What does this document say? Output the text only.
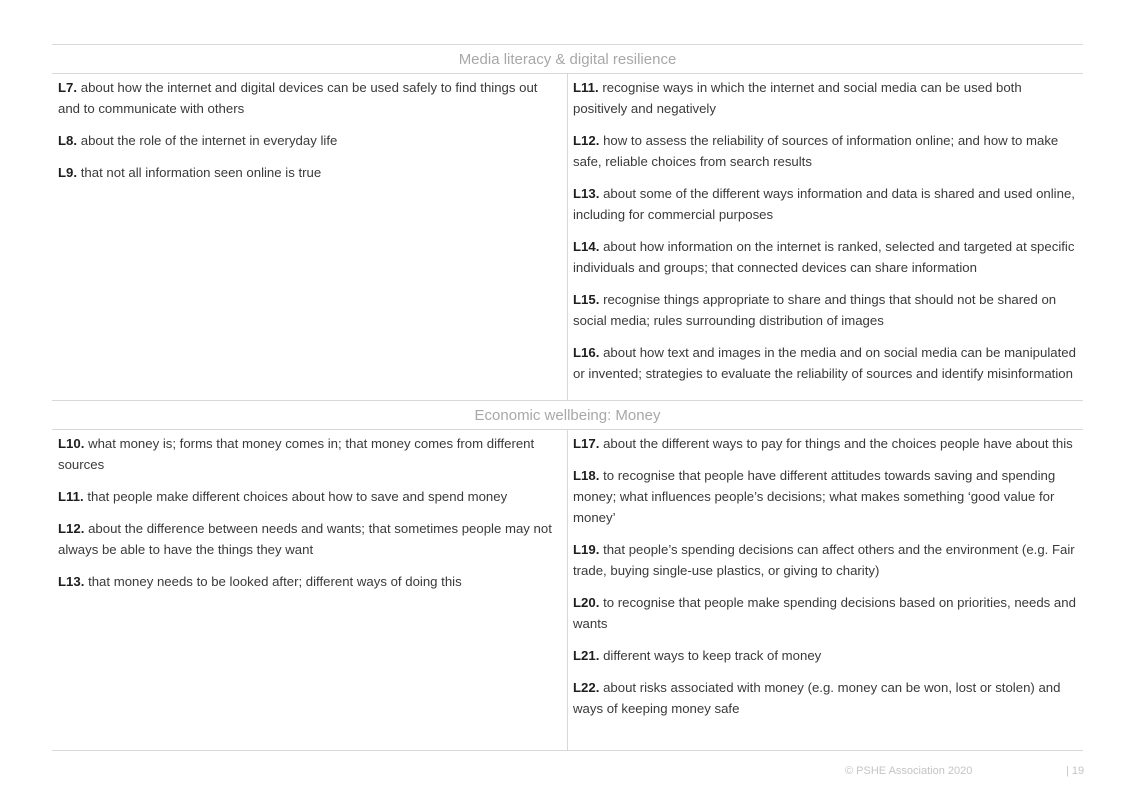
Media literacy & digital resilience

L7. about how the internet and digital devices can be used safely to find things out and to communicate with others

L8. about the role of the internet in everyday life

L9. that not all information seen online is true

L11. recognise ways in which the internet and social media can be used both positively and negatively

L12. how to assess the reliability of sources of information online; and how to make safe, reliable choices from search results

L13. about some of the different ways information and data is shared and used online, including for commercial purposes

L14. about how information on the internet is ranked, selected and targeted at specific individuals and groups; that connected devices can share information

L15. recognise things appropriate to share and things that should not be shared on social media; rules surrounding distribution of images

L16. about how text and images in the media and on social media can be manipulated or invented; strategies to evaluate the reliability of sources and identify misinformation

Economic wellbeing: Money

L10. what money is; forms that money comes in; that money comes from different sources

L11. that people make different choices about how to save and spend money

L12. about the difference between needs and wants; that sometimes people may not always be able to have the things they want

L13. that money needs to be looked after; different ways of doing this

L17. about the different ways to pay for things and the choices people have about this

L18. to recognise that people have different attitudes towards saving and spending money; what influences people’s decisions; what makes something ‘good value for money’

L19. that people’s spending decisions can affect others and the environment (e.g. Fair trade, buying single-use plastics, or giving to charity)

L20. to recognise that people make spending decisions based on priorities, needs and wants

L21. different ways to keep track of money

L22. about risks associated with money (e.g. money can be won, lost or stolen) and ways of keeping money safe

© PSHE Association 2020	| 19
